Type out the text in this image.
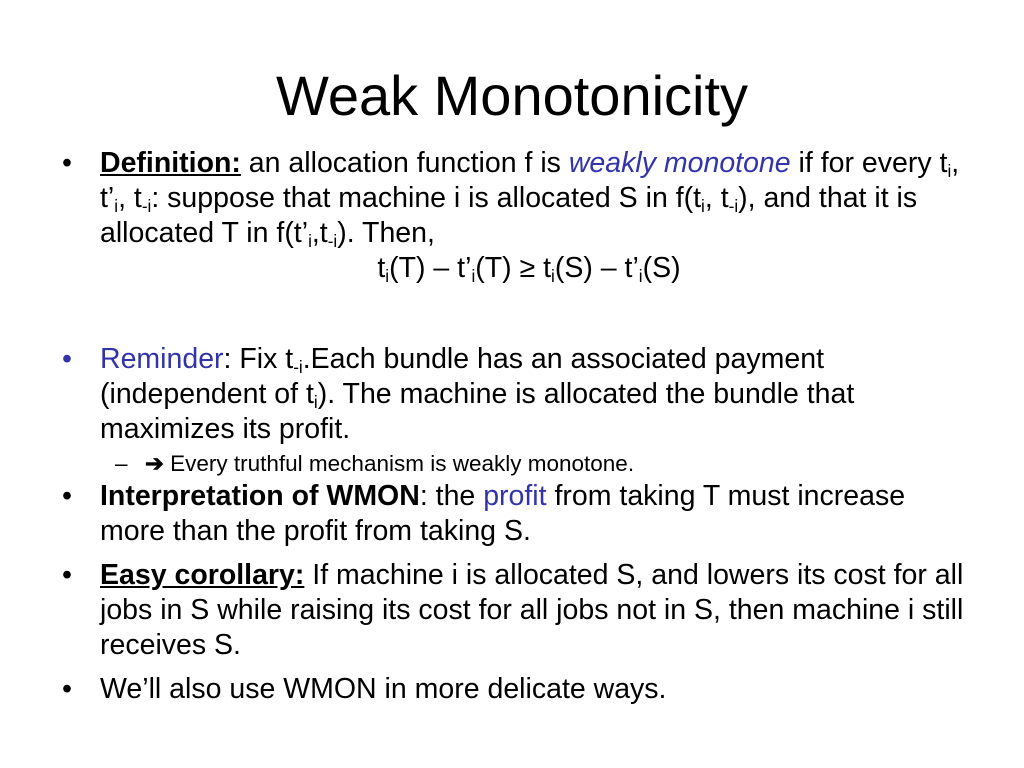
Weak Monotonicity
• Definition: an allocation function f is weakly monotone if for every $t_i$, $t’_i$, $t_{-i}$: suppose that machine i is allocated S in $f(t_i$, $t_{-i}$), and that it is allocated T in $f(t’_i,t_{-i})$. Then,
$t_i(T)$ – $t’_i(T) \ge t_i(S)$ – $t’_i(S)$
• Reminder: Fix $t_{-i}.Each$ bundle has an associated payment (independent of $t_i$). The machine is allocated the bundle that maximizes its profit.
– ➔ Every truthful mechanism is weakly monotone.
• Interpretation of WMON: the profit from taking T must increase more than the profit from taking S.
• Easy corollary: If machine i is allocated S, and lowers its cost for all jobs in S while raising its cost for all jobs not in S, then machine i still receives S.
• We’ll also use WMON in more delicate ways.
